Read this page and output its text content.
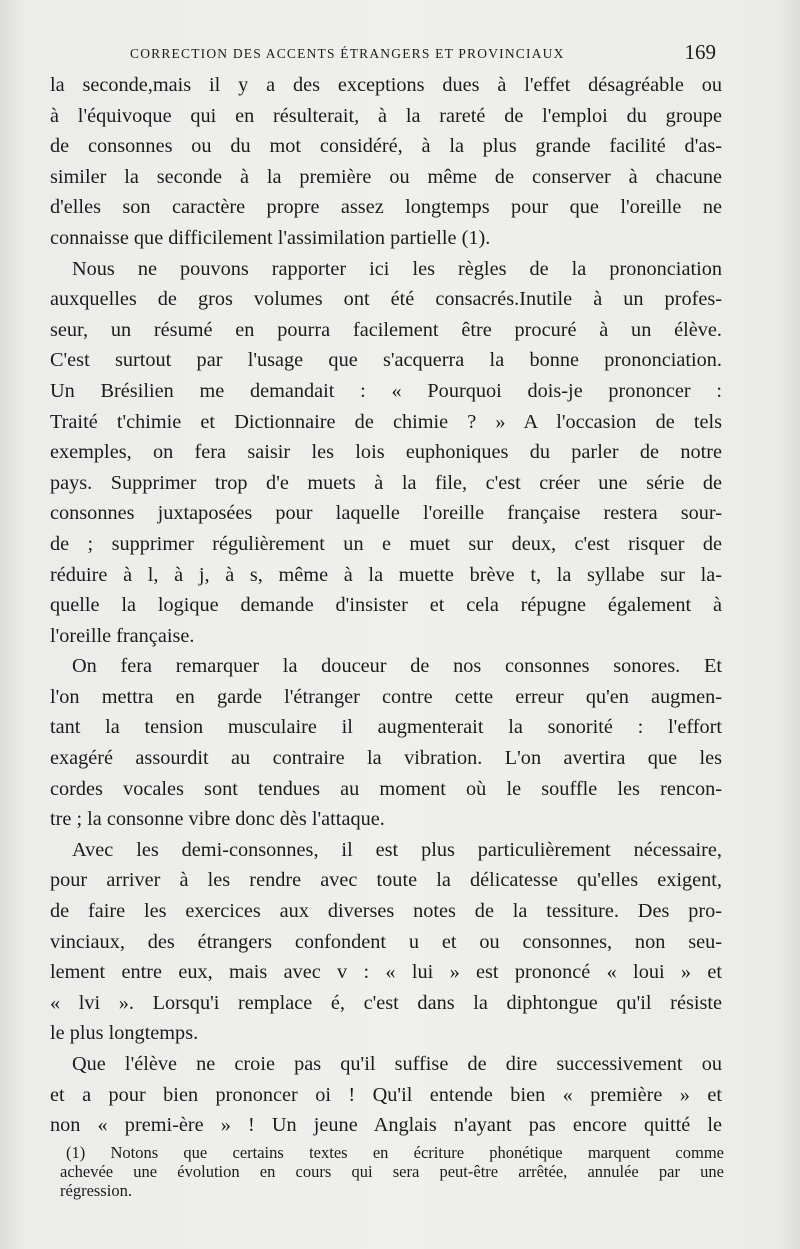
CORRECTION DES ACCENTS ÉTRANGERS ET PROVINCIAUX	169

la seconde,mais il y a des exceptions dues à l'effet désagréable ou
à l'équivoque qui en résulterait, à la rareté de l'emploi du groupe
de consonnes ou du mot considéré, à la plus grande facilité d'as-
similer la seconde à la première ou même de conserver à chacune
d'elles son caractère propre assez longtemps pour que l'oreille ne
connaisse que difficilement l'assimilation partielle (1).

Nous ne pouvons rapporter ici les règles de la prononciation
auxquelles de gros volumes ont été consacrés.Inutile à un profes-
seur, un résumé en pourra facilement être procuré à un élève.
C'est surtout par l'usage que s'acquerra la bonne prononciation.
Un Brésilien me demandait : « Pourquoi dois-je prononcer :
Traité t'chimie et Dictionnaire de chimie ? » A l'occasion de tels
exemples, on fera saisir les lois euphoniques du parler de notre
pays. Supprimer trop d'e muets à la file, c'est créer une série de
consonnes juxtaposées pour laquelle l'oreille française restera sour-
de ; supprimer régulièrement un e muet sur deux, c'est risquer de
réduire à l, à j, à s, même à la muette brève t, la syllabe sur la-
quelle la logique demande d'insister et cela répugne également à
l'oreille française.

On fera remarquer la douceur de nos consonnes sonores. Et
l'on mettra en garde l'étranger contre cette erreur qu'en augmen-
tant la tension musculaire il augmenterait la sonorité : l'effort
exagéré assourdit au contraire la vibration. L'on avertira que les
cordes vocales sont tendues au moment où le souffle les rencon-
tre ; la consonne vibre donc dès l'attaque.

Avec les demi-consonnes, il est plus particulièrement nécessaire,
pour arriver à les rendre avec toute la délicatesse qu'elles exigent,
de faire les exercices aux diverses notes de la tessiture. Des pro-
vinciaux, des étrangers confondent u et ou consonnes, non seu-
lement entre eux, mais avec v : « lui » est prononcé « loui » et
« lvi ». Lorsqu'i remplace é, c'est dans la diphtongue qu'il résiste
le plus longtemps.

Que l'élève ne croie pas qu'il suffise de dire successivement ou
et a pour bien prononcer oi ! Qu'il entende bien « première » et
non « premi-ère » ! Un jeune Anglais n'ayant pas encore quitté le

(1) Notons que certains textes en écriture phonétique marquent comme
achevée une évolution en cours qui sera peut-être arrêtée, annulée par une
régression.
